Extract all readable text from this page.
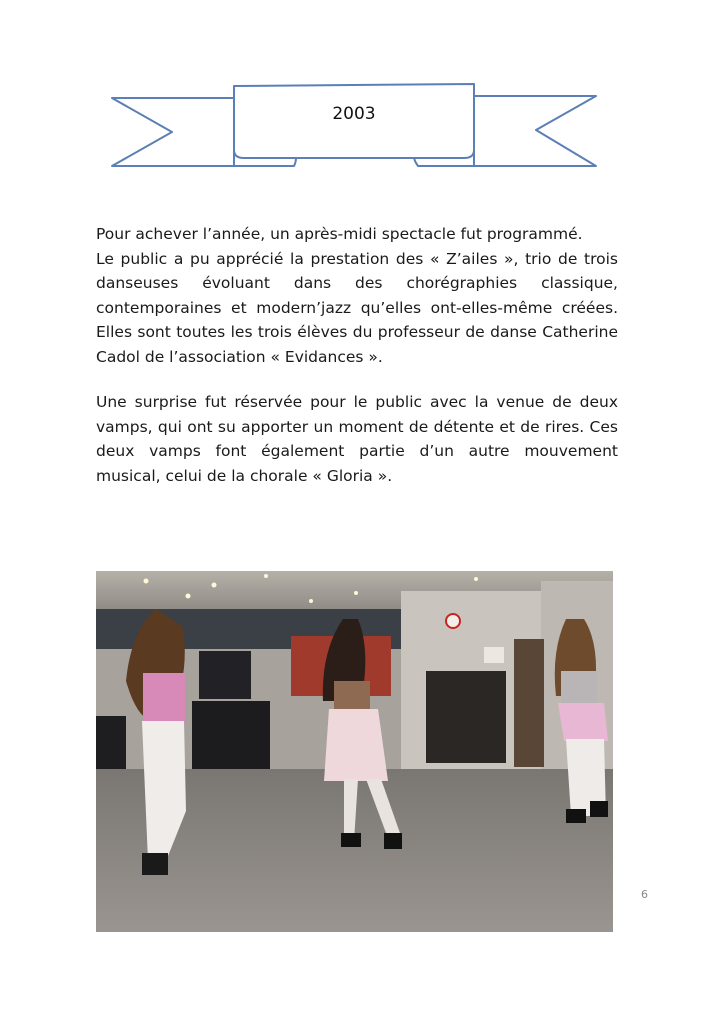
2003
Pour achever l’année, un après-midi spectacle fut programmé.
Le public a pu apprécié la prestation des « Z’ailes », trio de trois danseuses évoluant dans des chorégraphies classique, contemporaines et modern’jazz qu’elles ont-elles-même créées. Elles sont toutes les trois élèves du professeur de danse Catherine Cadol de l’association « Evidances ».
Une surprise fut réservée pour le public avec la venue de deux vamps, qui ont su apporter un moment de détente et de rires. Ces deux vamps font également partie d’un autre mouvement musical, celui de la chorale « Gloria ».
6
